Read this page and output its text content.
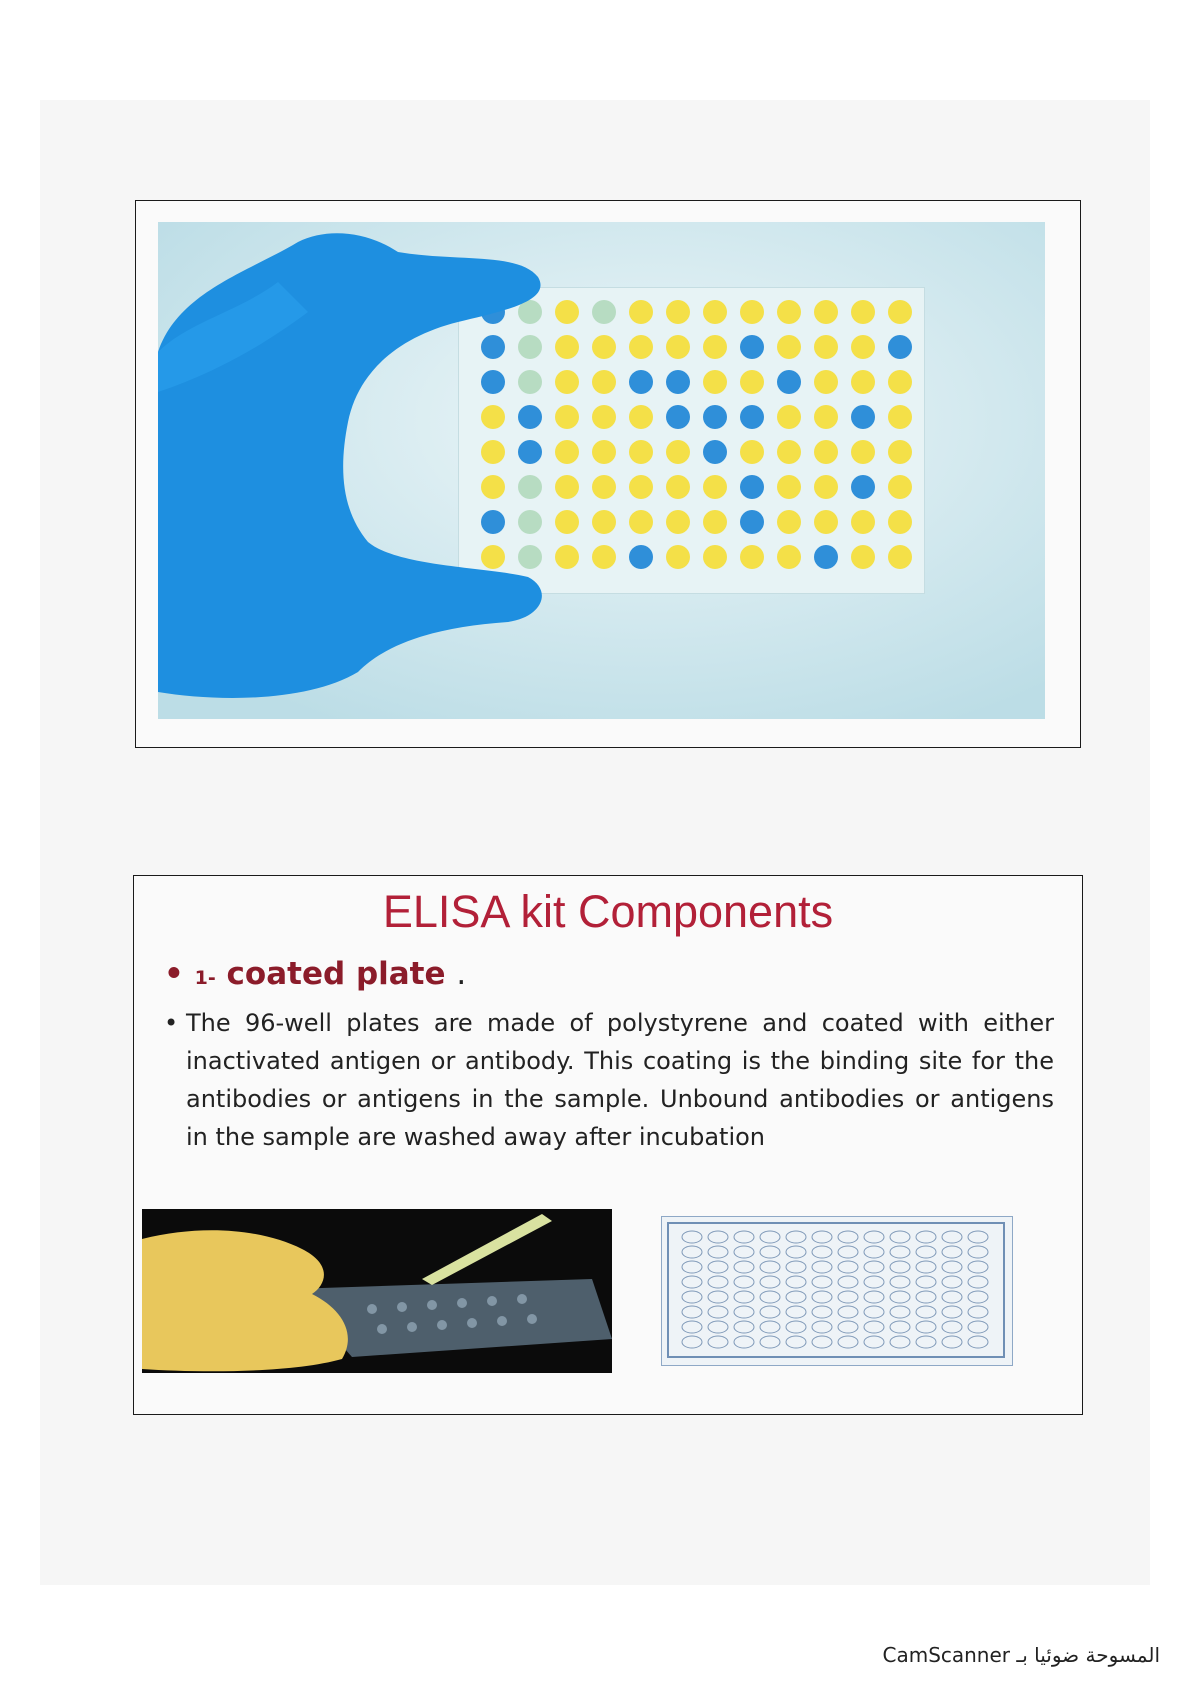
ELISA kit Components
• 1- coated plate .
• The 96-well plates are made of polystyrene and coated with either inactivated antigen or antibody. This coating is the binding site for the antibodies or antigens in the sample. Unbound antibodies or antigens in the sample are washed away after incubation

CamScanner المسوحة ضوئيا بـ
